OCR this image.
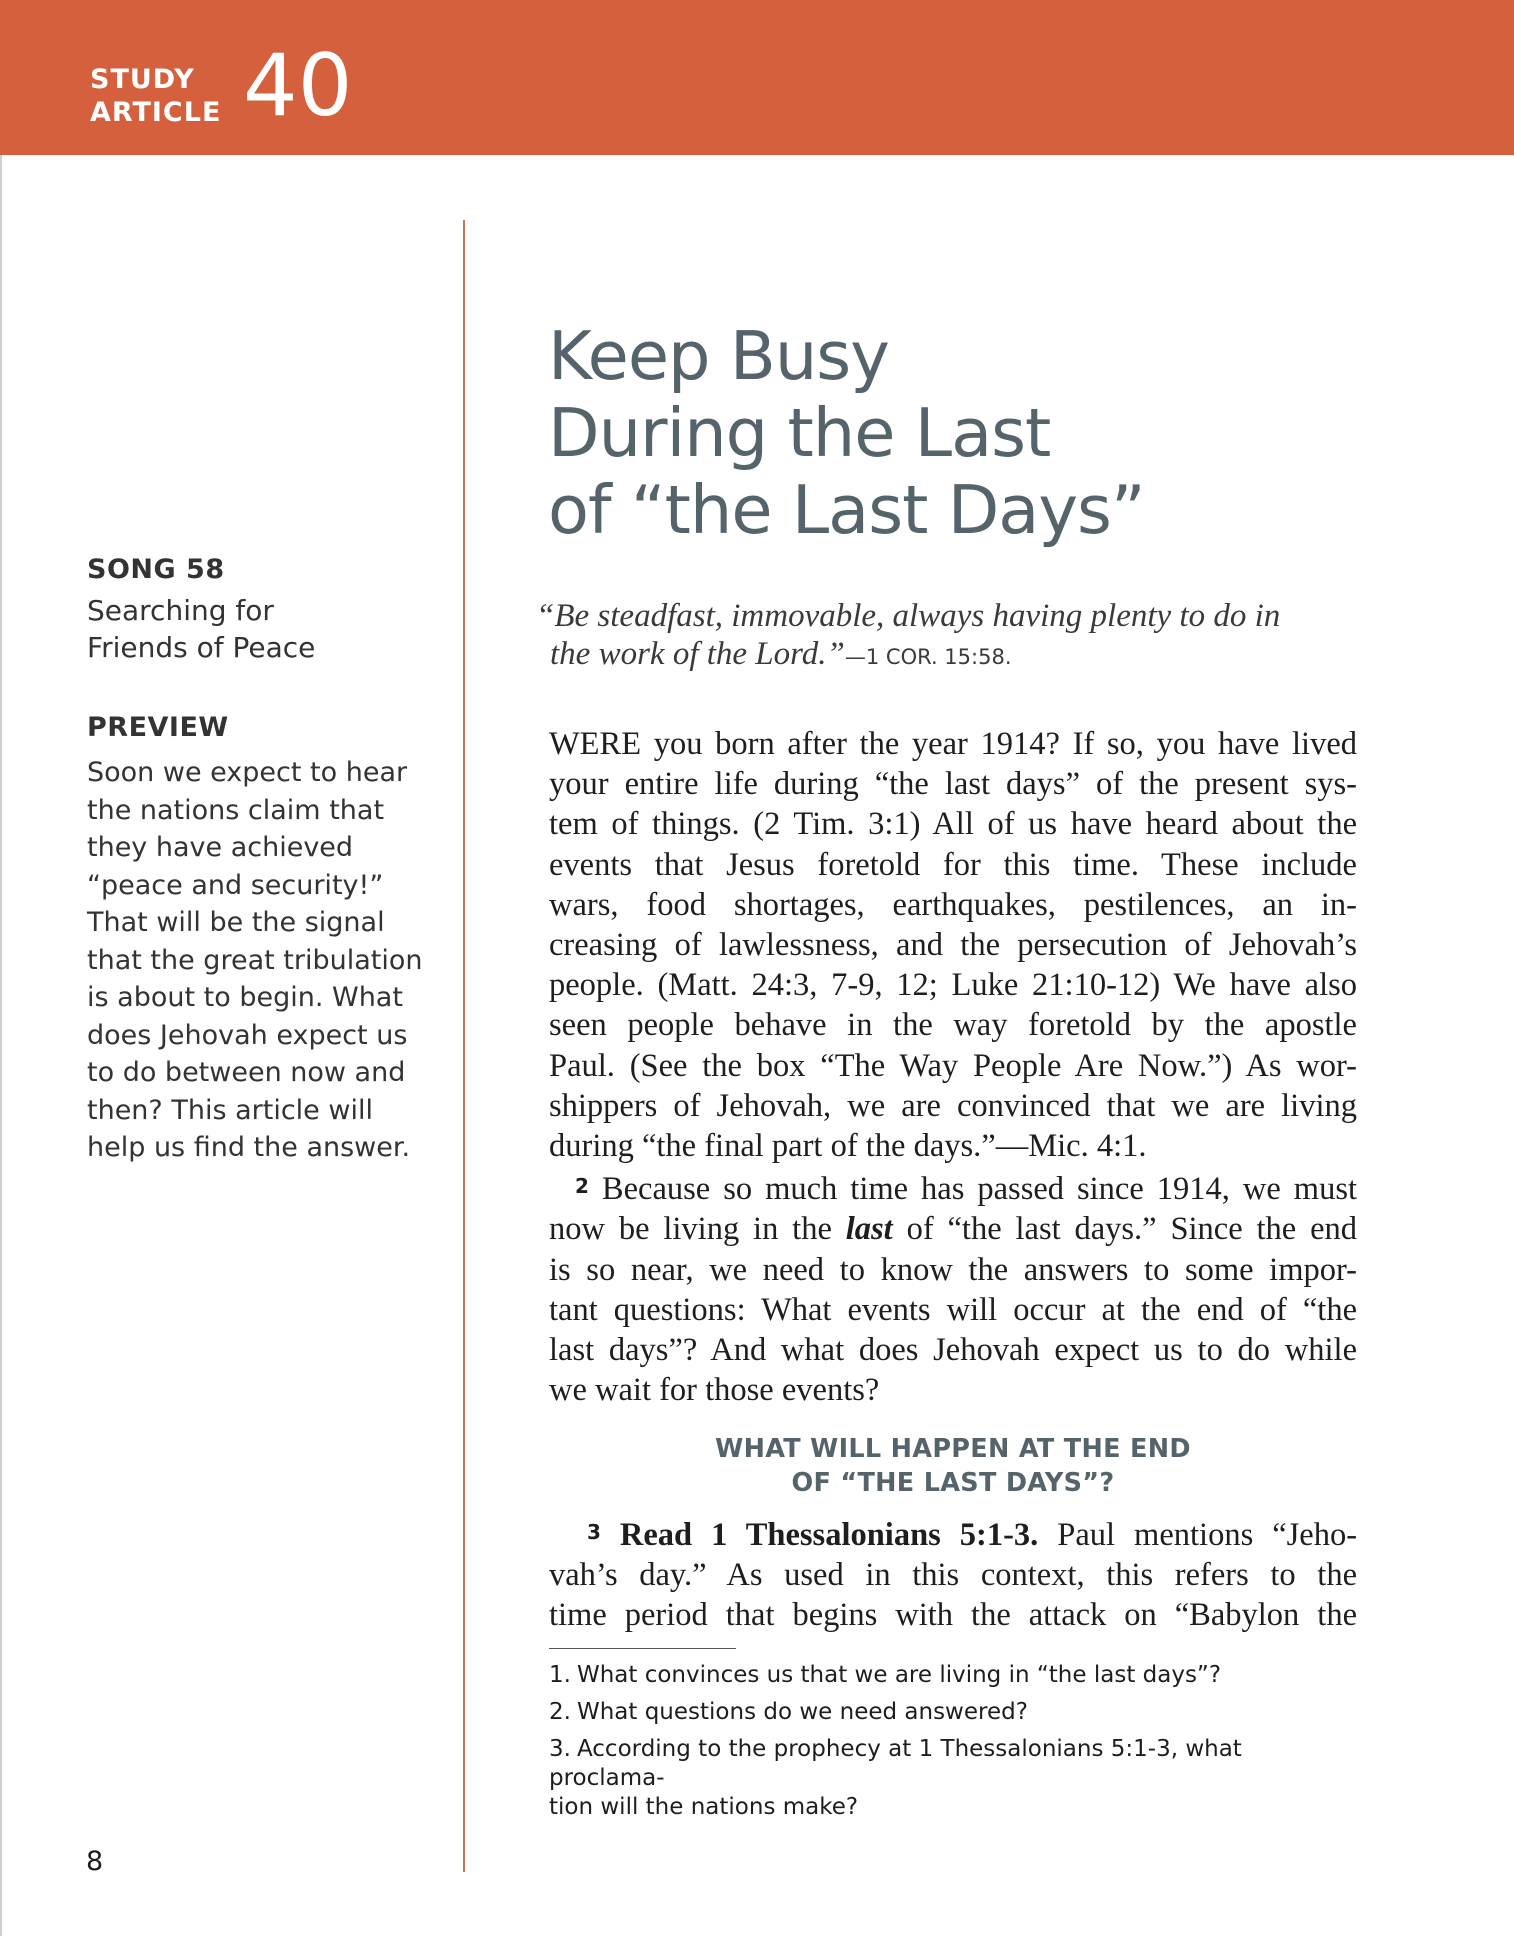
STUDY
ARTICLE 40

SONG 58

Searching for
Friends of Peace

PREVIEW

Soon we expect to hear the nations claim that they have achieved “peace and security!” That will be the signal that the great tribulation is about to begin. What does Jehovah expect us to do between now and then? This article will help us find the answer.

Keep Busy
During the Last
of “the Last Days”
“Be steadfast, immovable, always having plenty to do in
the work of the Lord.”—1 COR. 15:58.
WERE you born after the year 1914? If so, you have lived
your entire life during “the last days” of the present sys-
tem of things. (2 Tim. 3:1) All of us have heard about the
events that Jesus foretold for this time. These include
wars, food shortages, earthquakes, pestilences, an in-
creasing of lawlessness, and the persecution of Jehovah’s
people. (Matt. 24:3, 7-9, 12; Luke 21:10-12) We have also
seen people behave in the way foretold by the apostle
Paul. (See the box “The Way People Are Now.”) As wor-
shippers of Jehovah, we are convinced that we are living
during “the final part of the days.”—Mic. 4:1.
2 Because so much time has passed since 1914, we must
now be living in the last of “the last days.” Since the end
is so near, we need to know the answers to some impor-
tant questions: What events will occur at the end of “the
last days”? And what does Jehovah expect us to do while
we wait for those events?
WHAT WILL HAPPEN AT THE END
OF “THE LAST DAYS”?
3 Read 1 Thessalonians 5:1-3. Paul mentions “Jeho-
vah’s day.” As used in this context, this refers to the
time period that begins with the attack on “Babylon the
1. What convinces us that we are living in “the last days”?
2. What questions do we need answered?
3. According to the prophecy at 1 Thessalonians 5:1-3, what proclama-
tion will the nations make?
8
